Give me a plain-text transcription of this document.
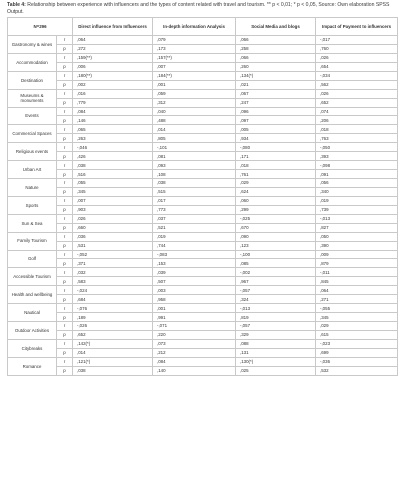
Table 4: Relationship between experience with influencers and the types of content related with travel and tourism. ** p < 0,01; * p < 0,05, Source: Own elaboration SPSS Output.
N=296		Direct influence from Influencers	In-depth information Analysis	Social Media and blogs	Impact of Payment to influencers
Gastronomy & wines	r	,064	,079	,066	-,017
	p	,272	,173	,258	,760
Accommodation	r	,159(**)	,157(**)	,066	,026
	p	,006	,007	,260	,654
Destination	r	,180(**)	,184(**)	,134(*)	-,034
	p	,002	,001	,021	,562
Museums & monuments	r	,016	,059	,067	,026
	p	,779	,312	,247	,652
Events	r	,084	,040	,096	,074
	p	,146	,488	,097	,206
Commercial Spaces	r	,065	,014	,005	,018
	p	,263	,805	,934	,763
Religious events	r	-,046	-,101	-,080	-,050
	p	,426	,081	,171	,393
Urban Art	r	,038	,093	,018	-,098
	p	,516	,108	,761	,091
Nature	r	,055	,038	,029	,056
	p	,345	,515	,624	,340
Sports	r	,007	,017	,060	,019
	p	,903	,773	,299	,739
Sun & Sea	r	,026	,037	-,025	-,013
	p	,660	,521	,670	,827
Family Tourism	r	,036	,019	,090	,050
	p	,531	,744	,123	,390
Golf	r	-,052	-,083	-,100	,009
	p	,371	,153	,085	,879
Accessible Tourism	r	,032	,039	-,002	-,011
	p	,583	,507	,967	,845
Health and wellbeing	r	-,024	,003	-,057	,064
	p	,684	,958	,324	,271
Nautical	r	-,076	,001	-,013	-,055
	p	,189	,991	,819	,345
Outdoor Activities	r	-,026	-,071	-,057	,029
	p	,652	,220	,329	,615
Citybreaks	r	,142(*)	,073	,088	-,023
	p	,014	,212	,131	,699
Romance	r	,121(*)	,084	,130(*)	-,036
	p	,038	,140	,025	,532
